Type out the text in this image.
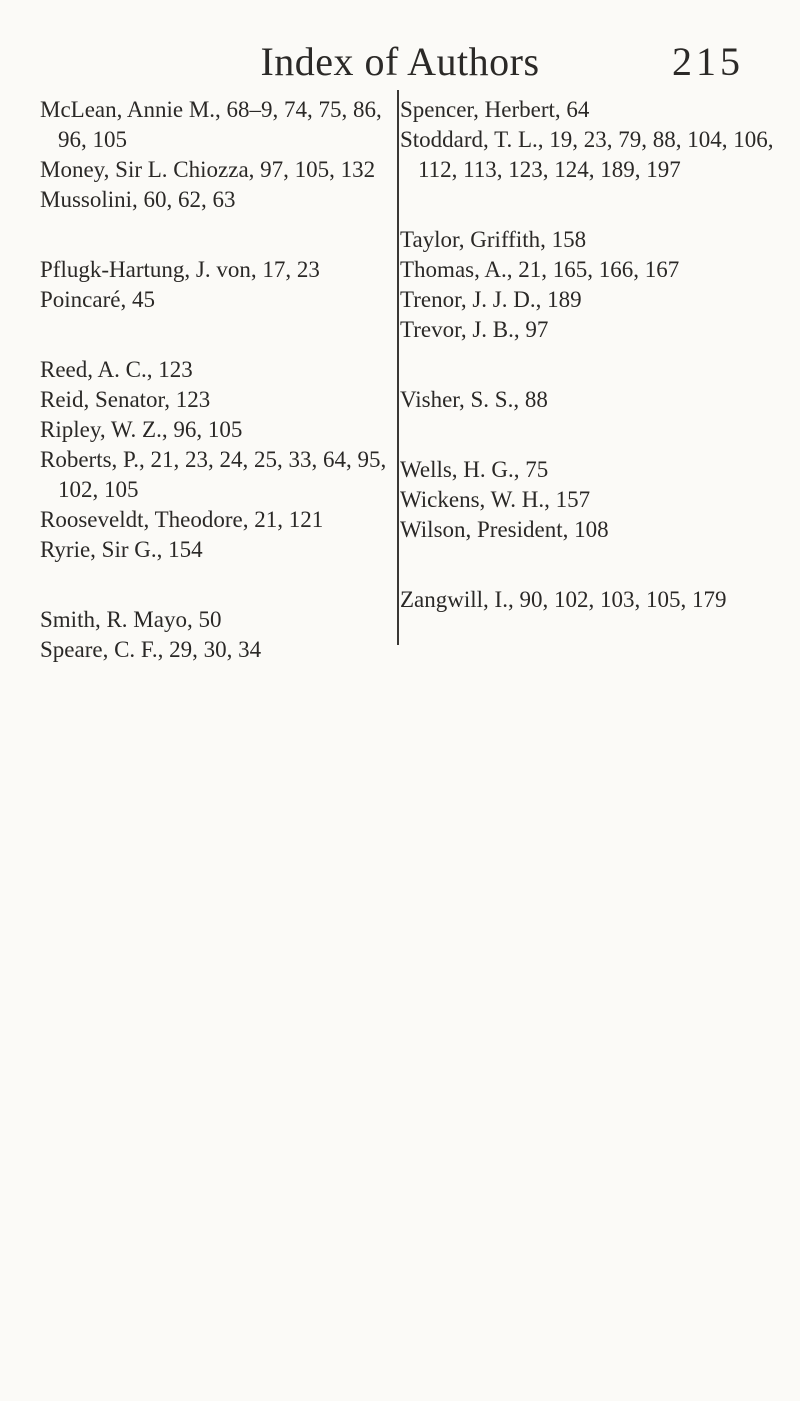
Index of Authors	215
McLean, Annie M., 68–9, 74, 75, 86, 96, 105
Money, Sir L. Chiozza, 97, 105, 132
Mussolini, 60, 62, 63
Pflugk-Hartung, J. von, 17, 23
Poincaré, 45
Reed, A. C., 123
Reid, Senator, 123
Ripley, W. Z., 96, 105
Roberts, P., 21, 23, 24, 25, 33, 64, 95, 102, 105
Rooseveldt, Theodore, 21, 121
Ryrie, Sir G., 154
Smith, R. Mayo, 50
Speare, C. F., 29, 30, 34
Spencer, Herbert, 64
Stoddard, T. L., 19, 23, 79, 88, 104, 106, 112, 113, 123, 124, 189, 197
Taylor, Griffith, 158
Thomas, A., 21, 165, 166, 167
Trenor, J. J. D., 189
Trevor, J. B., 97
Visher, S. S., 88
Wells, H. G., 75
Wickens, W. H., 157
Wilson, President, 108
Zangwill, I., 90, 102, 103, 105, 179
